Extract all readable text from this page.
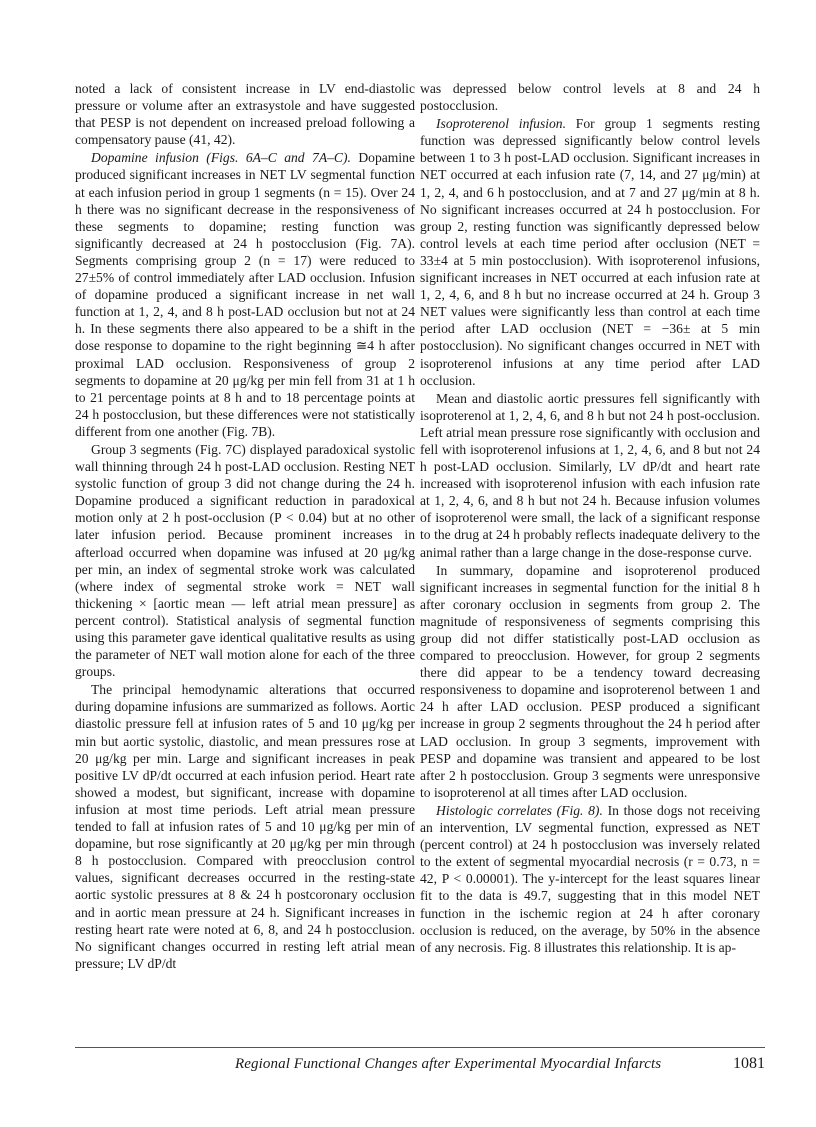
noted a lack of consistent increase in LV end-diastolic pressure or volume after an extrasystole and have suggested that PESP is not dependent on increased preload following a compensatory pause (41, 42).

Dopamine infusion (Figs. 6A–C and 7A–C). Dopamine produced significant increases in NET LV segmental function at each infusion period in group 1 segments (n = 15). Over 24 h there was no significant decrease in the responsiveness of these segments to dopamine; resting function was significantly decreased at 24 h postocclusion (Fig. 7A). Segments comprising group 2 (n = 17) were reduced to 27±5% of control immediately after LAD occlusion. Infusion of dopamine produced a significant increase in net wall function at 1, 2, 4, and 8 h post-LAD occlusion but not at 24 h. In these segments there also appeared to be a shift in the dose response to dopamine to the right beginning ≅4 h after proximal LAD occlusion. Responsiveness of group 2 segments to dopamine at 20 μg/kg per min fell from 31 at 1 h to 21 percentage points at 8 h and to 18 percentage points at 24 h postocclusion, but these differences were not statistically different from one another (Fig. 7B).

Group 3 segments (Fig. 7C) displayed paradoxical systolic wall thinning through 24 h post-LAD occlusion. Resting NET systolic function of group 3 did not change during the 24 h. Dopamine produced a significant reduction in paradoxical motion only at 2 h post-occlusion (P < 0.04) but at no other later infusion period. Because prominent increases in afterload occurred when dopamine was infused at 20 μg/kg per min, an index of segmental stroke work was calculated (where index of segmental stroke work = NET wall thickening × [aortic mean — left atrial mean pressure] as percent control). Statistical analysis of segmental function using this parameter gave identical qualitative results as using the parameter of NET wall motion alone for each of the three groups.

The principal hemodynamic alterations that occurred during dopamine infusions are summarized as follows. Aortic diastolic pressure fell at infusion rates of 5 and 10 μg/kg per min but aortic systolic, diastolic, and mean pressures rose at 20 μg/kg per min. Large and significant increases in peak positive LV dP/dt occurred at each infusion period. Heart rate showed a modest, but significant, increase with dopamine infusion at most time periods. Left atrial mean pressure tended to fall at infusion rates of 5 and 10 μg/kg per min of dopamine, but rose significantly at 20 μg/kg per min through 8 h postocclusion. Compared with preocclusion control values, significant decreases occurred in the resting-state aortic systolic pressures at 8 & 24 h postcoronary occlusion and in aortic mean pressure at 24 h. Significant increases in resting heart rate were noted at 6, 8, and 24 h postocclusion. No significant changes occurred in resting left atrial mean pressure; LV dP/dt

was depressed below control levels at 8 and 24 h postocclusion.

Isoproterenol infusion. For group 1 segments resting function was depressed significantly below control levels between 1 to 3 h post-LAD occlusion. Significant increases in NET occurred at each infusion rate (7, 14, and 27 μg/min) at 1, 2, 4, and 6 h postocclusion, and at 7 and 27 μg/min at 8 h. No significant increases occurred at 24 h postocclusion. For group 2, resting function was significantly depressed below control levels at each time period after occlusion (NET = 33±4 at 5 min postocclusion). With isoproterenol infusions, significant increases in NET occurred at each infusion rate at 1, 2, 4, 6, and 8 h but no increase occurred at 24 h. Group 3 NET values were significantly less than control at each time period after LAD occlusion (NET = −36± at 5 min postocclusion). No significant changes occurred in NET with isoproterenol infusions at any time period after LAD occlusion.

Mean and diastolic aortic pressures fell significantly with isoproterenol at 1, 2, 4, 6, and 8 h but not 24 h post-occlusion. Left atrial mean pressure rose significantly with occlusion and fell with isoproterenol infusions at 1, 2, 4, 6, and 8 but not 24 h post-LAD occlusion. Similarly, LV dP/dt and heart rate increased with isoproterenol infusion with each infusion rate at 1, 2, 4, 6, and 8 h but not 24 h. Because infusion volumes of isoproterenol were small, the lack of a significant response to the drug at 24 h probably reflects inadequate delivery to the animal rather than a large change in the dose-response curve.

In summary, dopamine and isoproterenol produced significant increases in segmental function for the initial 8 h after coronary occlusion in segments from group 2. The magnitude of responsiveness of segments comprising this group did not differ statistically post-LAD occlusion as compared to preocclusion. However, for group 2 segments there did appear to be a tendency toward decreasing responsiveness to dopamine and isoproterenol between 1 and 24 h after LAD occlusion. PESP produced a significant increase in group 2 segments throughout the 24 h period after LAD occlusion. In group 3 segments, improvement with PESP and dopamine was transient and appeared to be lost after 2 h postocclusion. Group 3 segments were unresponsive to isoproterenol at all times after LAD occlusion.

Histologic correlates (Fig. 8). In those dogs not receiving an intervention, LV segmental function, expressed as NET (percent control) at 24 h postocclusion was inversely related to the extent of segmental myocardial necrosis (r = 0.73, n = 42, P < 0.00001). The y-intercept for the least squares linear fit to the data is 49.7, suggesting that in this model NET function in the ischemic region at 24 h after coronary occlusion is reduced, on the average, by 50% in the absence of any necrosis. Fig. 8 illustrates this relationship. It is ap-

Regional Functional Changes after Experimental Myocardial Infarcts	1081
